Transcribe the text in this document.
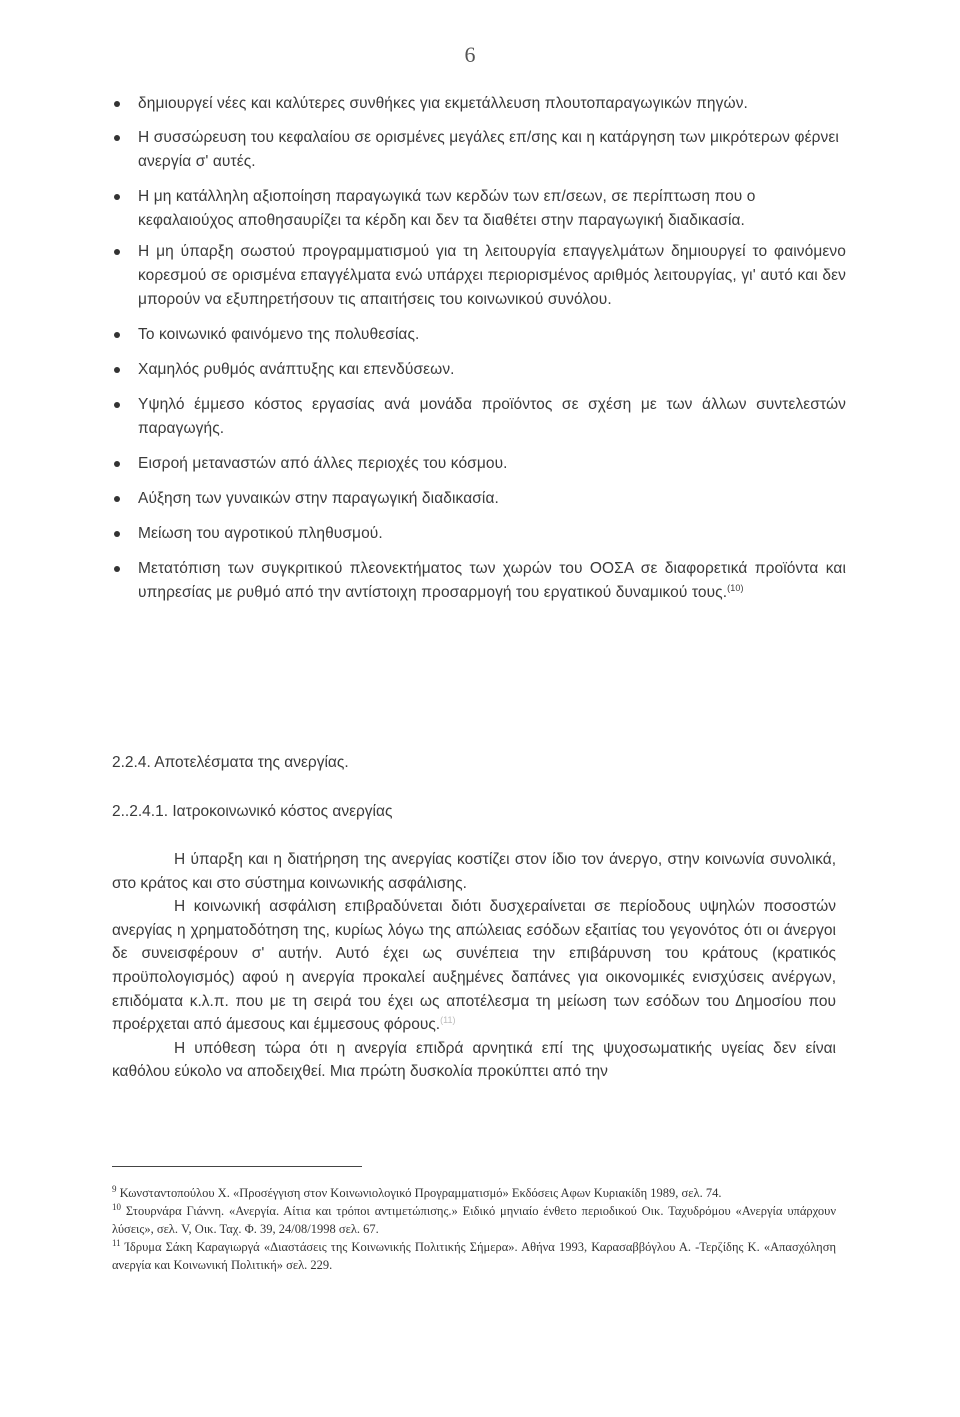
6
δημιουργεί νέες και καλύτερες συνθήκες για εκμετάλλευση πλουτοπαραγωγικών πηγών.
Η συσσώρευση του κεφαλαίου σε ορισμένες μεγάλες επ/σης και η κατάργηση των μικρότερων φέρνει ανεργία σ' αυτές.
Η μη κατάλληλη αξιοποίηση παραγωγικά των κερδών των επ/σεων, σε περίπτωση που ο κεφαλαιούχος αποθησαυρίζει τα κέρδη και δεν τα διαθέτει στην παραγωγική διαδικασία.
Η μη ύπαρξη σωστού προγραμματισμού για τη λειτουργία επαγγελμάτων δημιουργεί το φαινόμενο κορεσμού σε ορισμένα επαγγέλματα ενώ υπάρχει περιορισμένος αριθμός λειτουργίας, γι' αυτό και δεν μπορούν να εξυπηρετήσουν τις απαιτήσεις του κοινωνικού συνόλου.
Το κοινωνικό φαινόμενο της πολυθεσίας.
Χαμηλός ρυθμός ανάπτυξης και επενδύσεων.
Υψηλό έμμεσο κόστος εργασίας ανά μονάδα προϊόντος σε σχέση με των άλλων συντελεστών παραγωγής.
Εισροή μεταναστών από άλλες περιοχές του κόσμου.
Αύξηση των γυναικών στην παραγωγική διαδικασία.
Μείωση του αγροτικού πληθυσμού.
Μετατόπιση των συγκριτικού πλεονεκτήματος των χωρών του ΟΟΣΑ σε διαφορετικά προϊόντα και υπηρεσίας με ρυθμό από την αντίστοιχη προσαρμογή του εργατικού δυναμικού τους.$^{(10)}$
2.2.4. Αποτελέσματα της ανεργίας.
2..2.4.1. Ιατροκοινωνικό κόστος ανεργίας

Η ύπαρξη και η διατήρηση της ανεργίας κοστίζει στον ίδιο τον άνεργο, στην κοινωνία συνολικά, στο κράτος και στο σύστημα κοινωνικής ασφάλισης.

Η κοινωνική ασφάλιση επιβραδύνεται διότι δυσχεραίνεται σε περίοδους υψηλών ποσοστών ανεργίας η χρηματοδότηση της, κυρίως λόγω της απώλειας εσόδων εξαιτίας του γεγονότος ότι οι άνεργοι δε συνεισφέρουν σ' αυτήν. Αυτό έχει ως συνέπεια την επιβάρυνση του κράτους (κρατικός προϋπολογισμός) αφού η ανεργία προκαλεί αυξημένες δαπάνες για οικονομικές ενισχύσεις ανέργων, επιδόματα κ.λ.π. που με τη σειρά του έχει ως αποτέλεσμα τη μείωση των εσόδων του Δημοσίου που προέρχεται από άμεσους και έμμεσους φόρους.$^{(11)}$

Η υπόθεση τώρα ότι η ανεργία επιδρά αρνητικά επί της ψυχοσωματικής υγείας δεν είναι καθόλου εύκολο να αποδειχθεί. Μια πρώτη δυσκολία προκύπτει από την

$^9$ Κωνσταντοπούλου Χ. «Προσέγγιση στον Κοινωνιολογικό Προγραμματισμό» Εκδόσεις Αφων Κυριακίδη 1989, σελ. 74.

$^{10}$ Στουρνάρα Γιάννη. «Ανεργία. Αίτια και τρόποι αντιμετώπισης.» Ειδικό μηνιαίο ένθετο περιοδικού Οικ. Ταχυδρόμου «Ανεργία υπάρχουν λύσεις», σελ. V, Οικ. Ταχ. Φ. 39, 24/08/1998 σελ. 67.

$^{11}$ Ίδρυμα Σάκη Καραγιωργά «Διαστάσεις της Κοινωνικής Πολιτικής Σήμερα». Αθήνα 1993, Καρασαββόγλου Α. -Τερζίδης Κ. «Απασχόληση ανεργία και Κοινωνική Πολιτική» σελ. 229.
